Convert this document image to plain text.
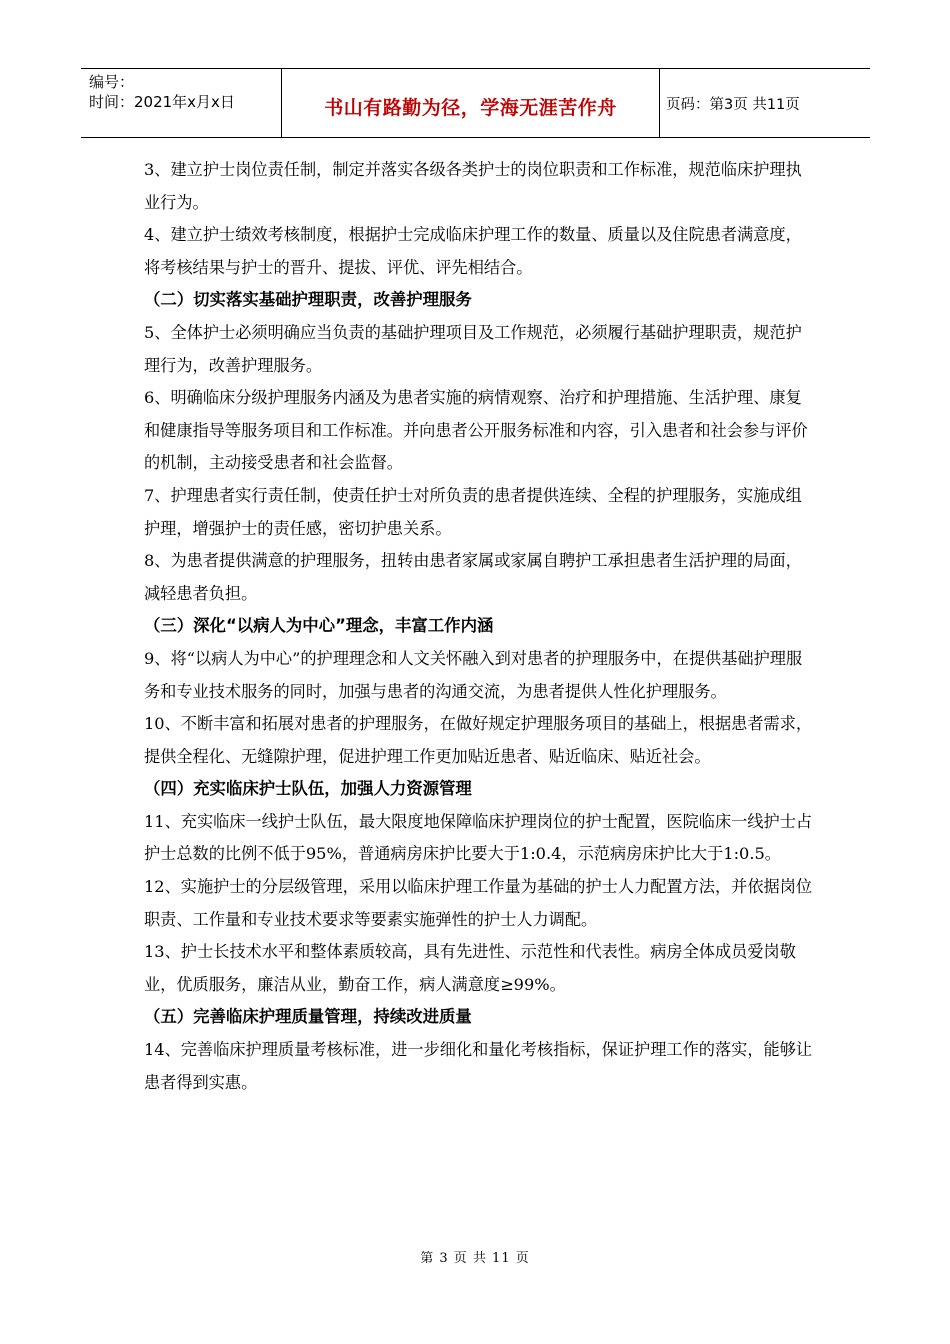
编号：
时间：2021年x月x日	书山有路勤为径，学海无涯苦作舟	页码：第3页 共11页

3、建立护士岗位责任制，制定并落实各级各类护士的岗位职责和工作标准，规范临床护理执业行为。

4、建立护士绩效考核制度，根据护士完成临床护理工作的数量、质量以及住院患者满意度，将考核结果与护士的晋升、提拔、评优、评先相结合。

（二）切实落实基础护理职责，改善护理服务

5、全体护士必须明确应当负责的基础护理项目及工作规范，必须履行基础护理职责，规范护理行为，改善护理服务。

6、明确临床分级护理服务内涵及为患者实施的病情观察、治疗和护理措施、生活护理、康复和健康指导等服务项目和工作标准。并向患者公开服务标准和内容，引入患者和社会参与评价的机制，主动接受患者和社会监督。

7、护理患者实行责任制，使责任护士对所负责的患者提供连续、全程的护理服务，实施成组护理，增强护士的责任感，密切护患关系。

8、为患者提供满意的护理服务，扭转由患者家属或家属自聘护工承担患者生活护理的局面，减轻患者负担。

（三）深化“以病人为中心”理念，丰富工作内涵

9、将“以病人为中心”的护理理念和人文关怀融入到对患者的护理服务中，在提供基础护理服务和专业技术服务的同时，加强与患者的沟通交流，为患者提供人性化护理服务。

10、不断丰富和拓展对患者的护理服务，在做好规定护理服务项目的基础上，根据患者需求，提供全程化、无缝隙护理，促进护理工作更加贴近患者、贴近临床、贴近社会。

（四）充实临床护士队伍，加强人力资源管理

11、充实临床一线护士队伍，最大限度地保障临床护理岗位的护士配置，医院临床一线护士占护士总数的比例不低于95%，普通病房床护比要大于1:0.4，示范病房床护比大于1:0.5。

12、实施护士的分层级管理，采用以临床护理工作量为基础的护士人力配置方法，并依据岗位职责、工作量和专业技术要求等要素实施弹性的护士人力调配。

13、护士长技术水平和整体素质较高，具有先进性、示范性和代表性。病房全体成员爱岗敬业，优质服务，廉洁从业，勤奋工作，病人满意度≥99%。

（五）完善临床护理质量管理，持续改进质量

14、完善临床护理质量考核标准，进一步细化和量化考核指标，保证护理工作的落实，能够让患者得到实惠。

第 3 页 共 11 页
